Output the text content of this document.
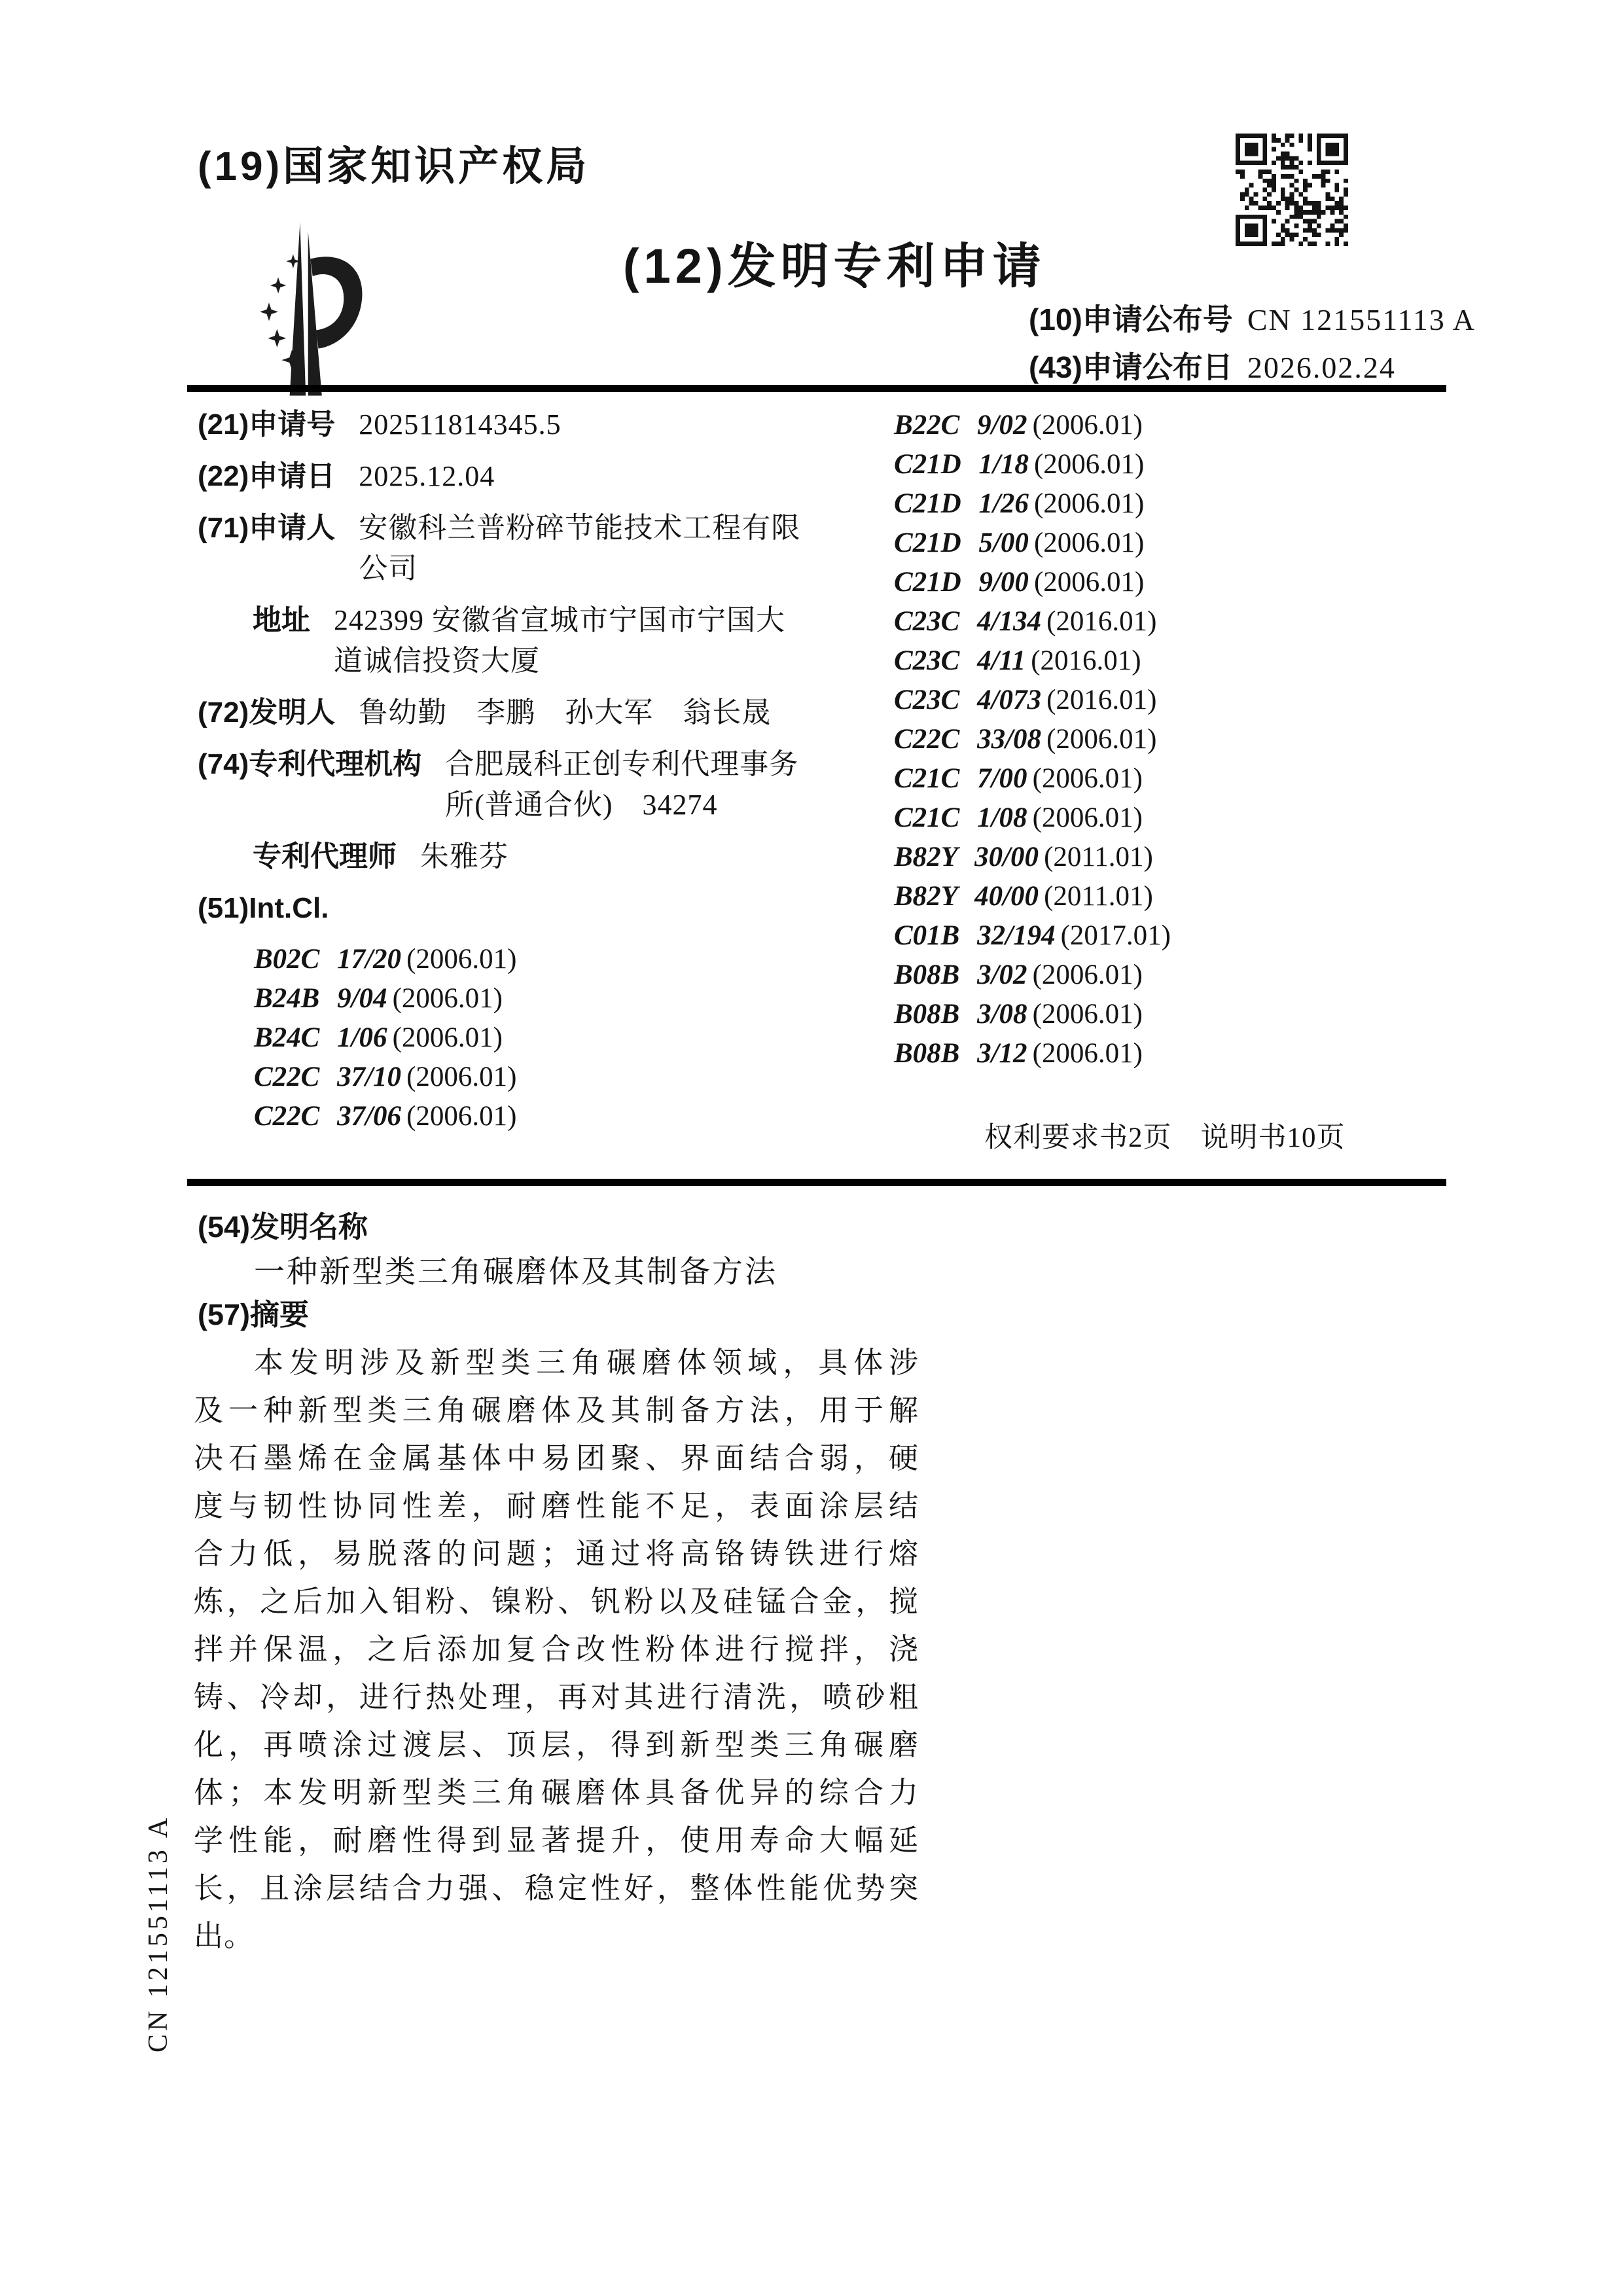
(19)国家知识产权局
(12)发明专利申请
(10)申请公布号 CN 121551113 A
(43)申请公布日 2026.02.24
(21)申请号 202511814345.5
(22)申请日 2025.12.04
(71)申请人 安徽科兰普粉碎节能技术工程有限
公司
地址 242399 安徽省宣城市宁国市宁国大
道诚信投资大厦
(72)发明人 鲁幼勤　李鹏　孙大军　翁长晟
(74)专利代理机构 合肥晟科正创专利代理事务
所(普通合伙)　34274
专利代理师 朱雅芬
(51)Int.Cl.
B02C 17/20 (2006.01)
B24B 9/04 (2006.01)
B24C 1/06 (2006.01)
C22C 37/10 (2006.01)
C22C 37/06 (2006.01)
B22C 9/02 (2006.01)
C21D 1/18 (2006.01)
C21D 1/26 (2006.01)
C21D 5/00 (2006.01)
C21D 9/00 (2006.01)
C23C 4/134 (2016.01)
C23C 4/11 (2016.01)
C23C 4/073 (2016.01)
C22C 33/08 (2006.01)
C21C 7/00 (2006.01)
C21C 1/08 (2006.01)
B82Y 30/00 (2011.01)
B82Y 40/00 (2011.01)
C01B 32/194 (2017.01)
B08B 3/02 (2006.01)
B08B 3/08 (2006.01)
B08B 3/12 (2006.01)
权利要求书2页　说明书10页
(54)发明名称
一种新型类三角碾磨体及其制备方法
(57)摘要
本发明涉及新型类三角碾磨体领域，具体涉
及一种新型类三角碾磨体及其制备方法，用于解
决石墨烯在金属基体中易团聚、界面结合弱，硬
度与韧性协同性差，耐磨性能不足，表面涂层结
合力低，易脱落的问题；通过将高铬铸铁进行熔
炼，之后加入钼粉、镍粉、钒粉以及硅锰合金，搅
拌并保温，之后添加复合改性粉体进行搅拌，浇
铸、冷却，进行热处理，再对其进行清洗，喷砂粗
化，再喷涂过渡层、顶层，得到新型类三角碾磨
体；本发明新型类三角碾磨体具备优异的综合力
学性能，耐磨性得到显著提升，使用寿命大幅延
长，且涂层结合力强、稳定性好，整体性能优势突
出。
CN 121551113 A
